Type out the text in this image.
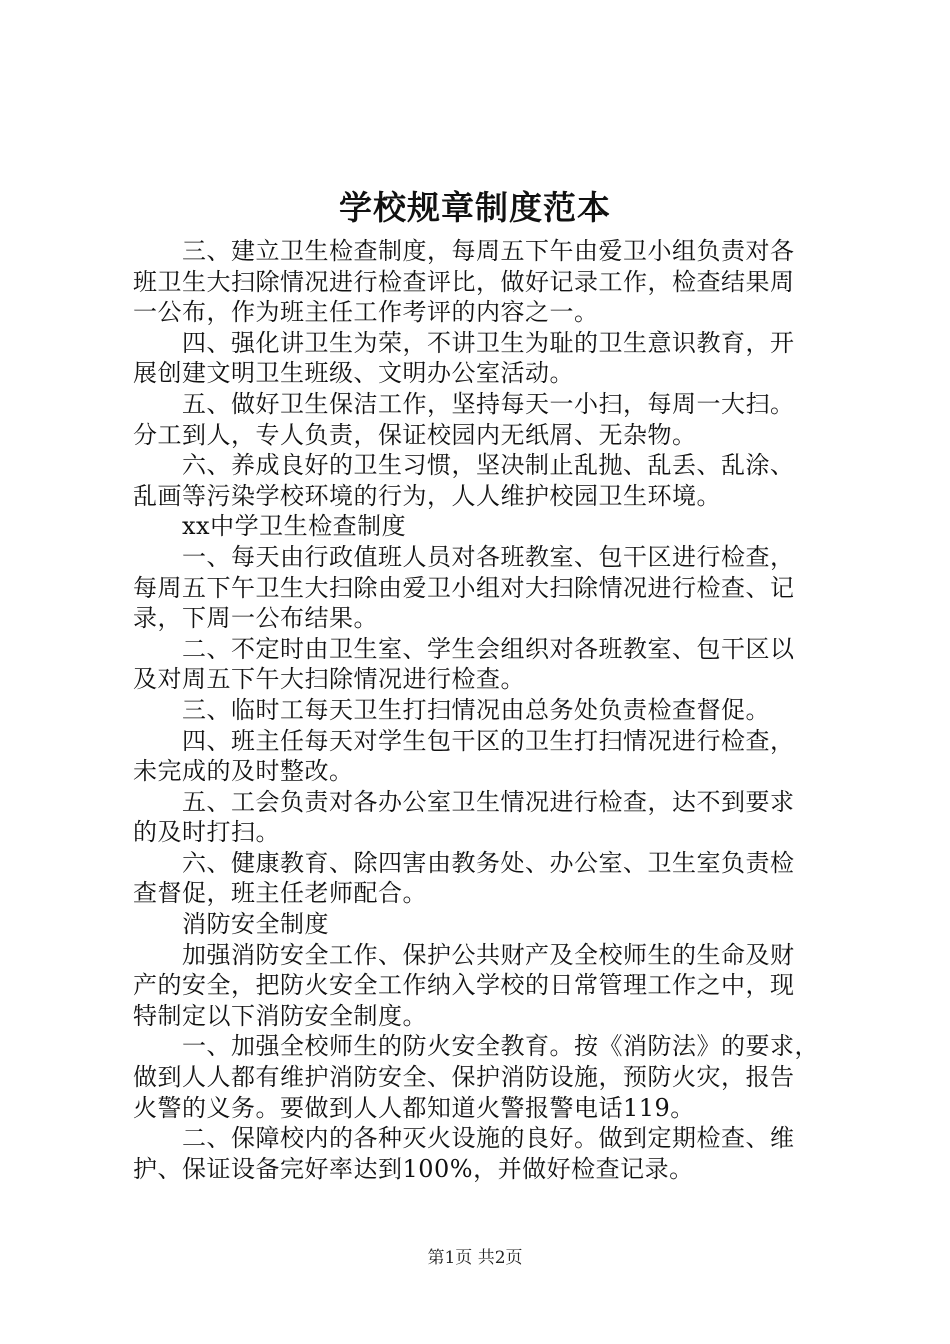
学校规章制度范本
　　三、建立卫生检查制度，每周五下午由爱卫小组负责对各
班卫生大扫除情况进行检查评比，做好记录工作，检查结果周
一公布，作为班主任工作考评的内容之一。
　　四、强化讲卫生为荣，不讲卫生为耻的卫生意识教育，开
展创建文明卫生班级、文明办公室活动。
　　五、做好卫生保洁工作，坚持每天一小扫，每周一大扫。
分工到人，专人负责，保证校园内无纸屑、无杂物。
　　六、养成良好的卫生习惯，坚决制止乱抛、乱丢、乱涂、
乱画等污染学校环境的行为，人人维护校园卫生环境。
　　xx中学卫生检查制度
　　一、每天由行政值班人员对各班教室、包干区进行检查，
每周五下午卫生大扫除由爱卫小组对大扫除情况进行检查、记
录，下周一公布结果。
　　二、不定时由卫生室、学生会组织对各班教室、包干区以
及对周五下午大扫除情况进行检查。
　　三、临时工每天卫生打扫情况由总务处负责检查督促。
　　四、班主任每天对学生包干区的卫生打扫情况进行检查，
未完成的及时整改。
　　五、工会负责对各办公室卫生情况进行检查，达不到要求
的及时打扫。
　　六、健康教育、除四害由教务处、办公室、卫生室负责检
查督促，班主任老师配合。
　　消防安全制度
　　加强消防安全工作、保护公共财产及全校师生的生命及财
产的安全，把防火安全工作纳入学校的日常管理工作之中，现
特制定以下消防安全制度。
　　一、加强全校师生的防火安全教育。按《消防法》的要求，
做到人人都有维护消防安全、保护消防设施，预防火灾，报告
火警的义务。要做到人人都知道火警报警电话119。
　　二、保障校内的各种灭火设施的良好。做到定期检查、维
护、保证设备完好率达到100%，并做好检查记录。
第1页 共2页
